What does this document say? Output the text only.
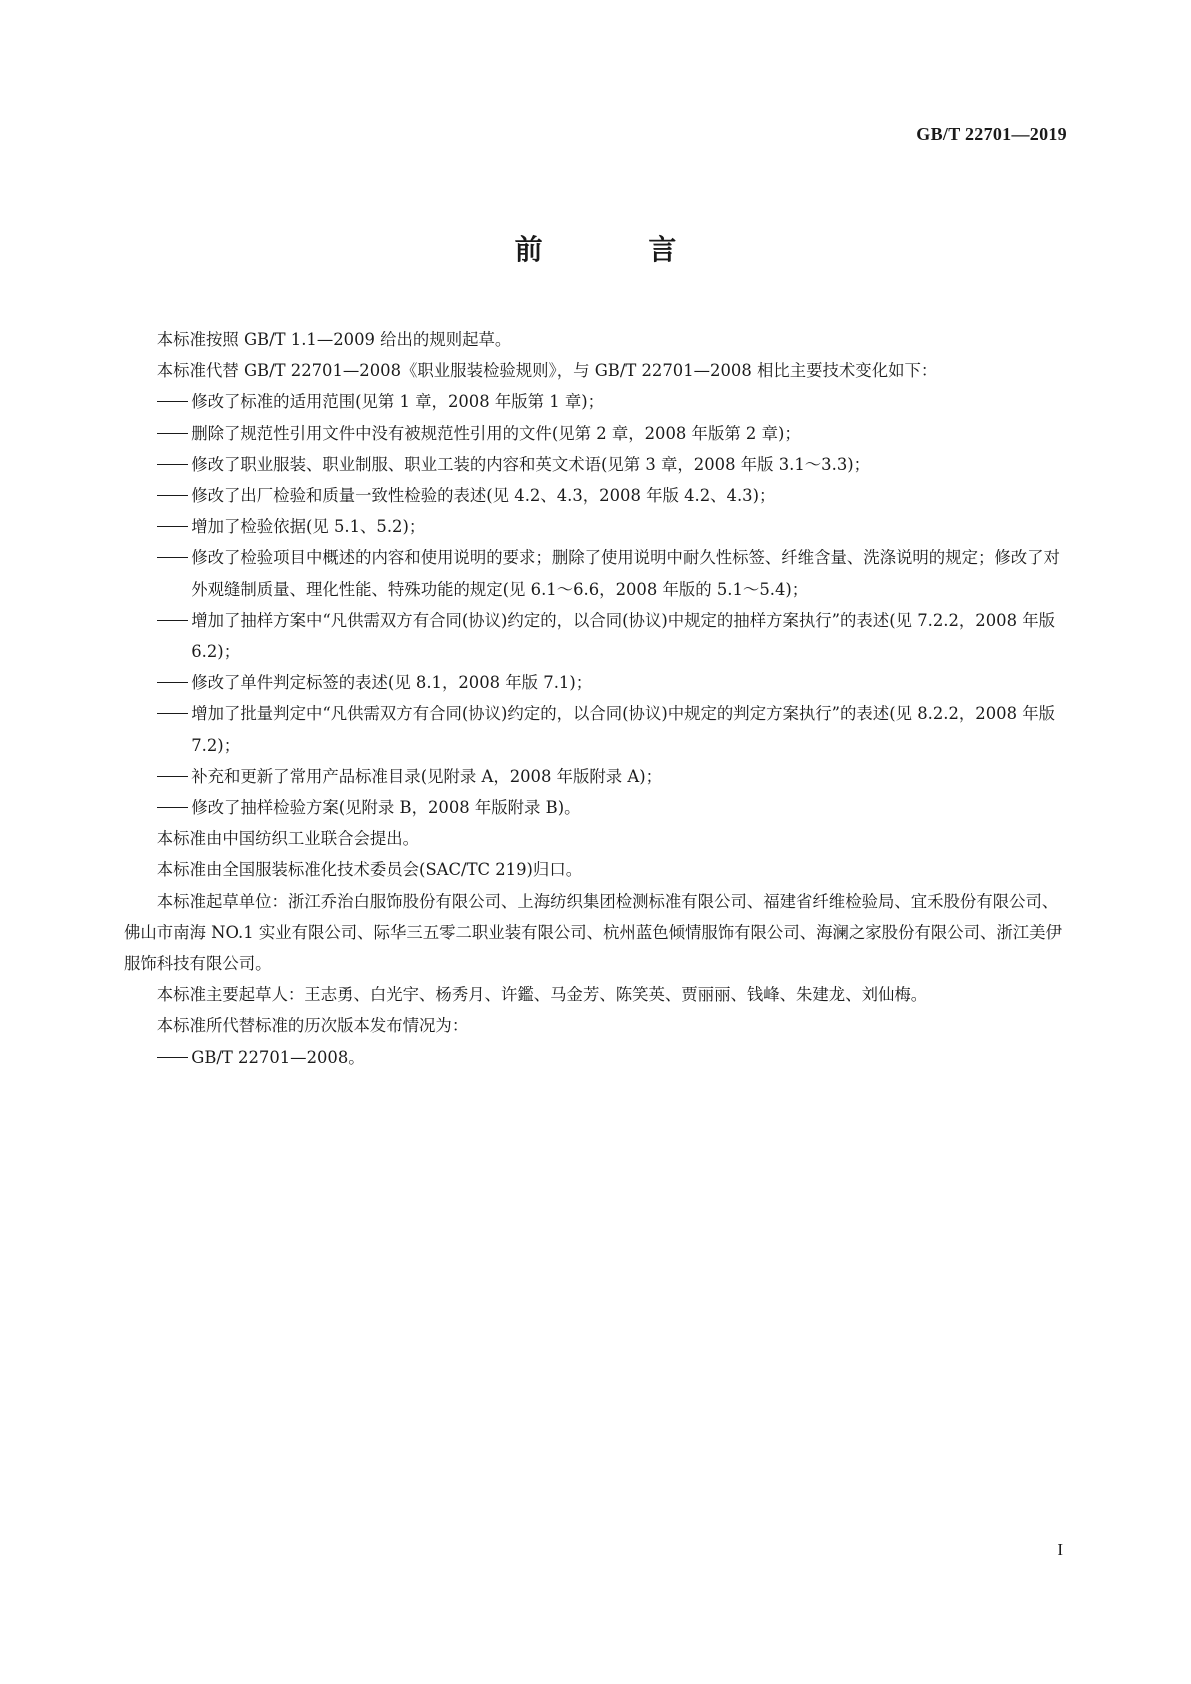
GB/T 22701—2019
前 言

本标准按照 GB/T 1.1—2009 给出的规则起草。

本标准代替 GB/T 22701—2008《职业服装检验规则》，与 GB/T 22701—2008 相比主要技术变化如下：

修改了标准的适用范围(见第 1 章，2008 年版第 1 章)；

删除了规范性引用文件中没有被规范性引用的文件(见第 2 章，2008 年版第 2 章)；

修改了职业服装、职业制服、职业工装的内容和英文术语(见第 3 章，2008 年版 3.1～3.3)；

修改了出厂检验和质量一致性检验的表述(见 4.2、4.3，2008 年版 4.2、4.3)；

增加了检验依据(见 5.1、5.2)；

修改了检验项目中概述的内容和使用说明的要求；删除了使用说明中耐久性标签、纤维含量、洗涤说明的规定；修改了对外观缝制质量、理化性能、特殊功能的规定(见 6.1～6.6，2008 年版的 5.1～5.4)；

增加了抽样方案中“凡供需双方有合同(协议)约定的，以合同(协议)中规定的抽样方案执行”的表述(见 7.2.2，2008 年版 6.2)；

修改了单件判定标签的表述(见 8.1，2008 年版 7.1)；

增加了批量判定中“凡供需双方有合同(协议)约定的，以合同(协议)中规定的判定方案执行”的表述(见 8.2.2，2008 年版 7.2)；

补充和更新了常用产品标准目录(见附录 A，2008 年版附录 A)；

修改了抽样检验方案(见附录 B，2008 年版附录 B)。

本标准由中国纺织工业联合会提出。

本标准由全国服装标准化技术委员会(SAC/TC 219)归口。

本标准起草单位：浙江乔治白服饰股份有限公司、上海纺织集团检测标准有限公司、福建省纤维检验局、宜禾股份有限公司、佛山市南海 NO.1 实业有限公司、际华三五零二职业装有限公司、杭州蓝色倾情服饰有限公司、海澜之家股份有限公司、浙江美伊服饰科技有限公司。

本标准主要起草人：王志勇、白光宇、杨秀月、许鑑、马金芳、陈笑英、贾丽丽、钱峰、朱建龙、刘仙梅。

本标准所代替标准的历次版本发布情况为：

GB/T 22701—2008。

I
